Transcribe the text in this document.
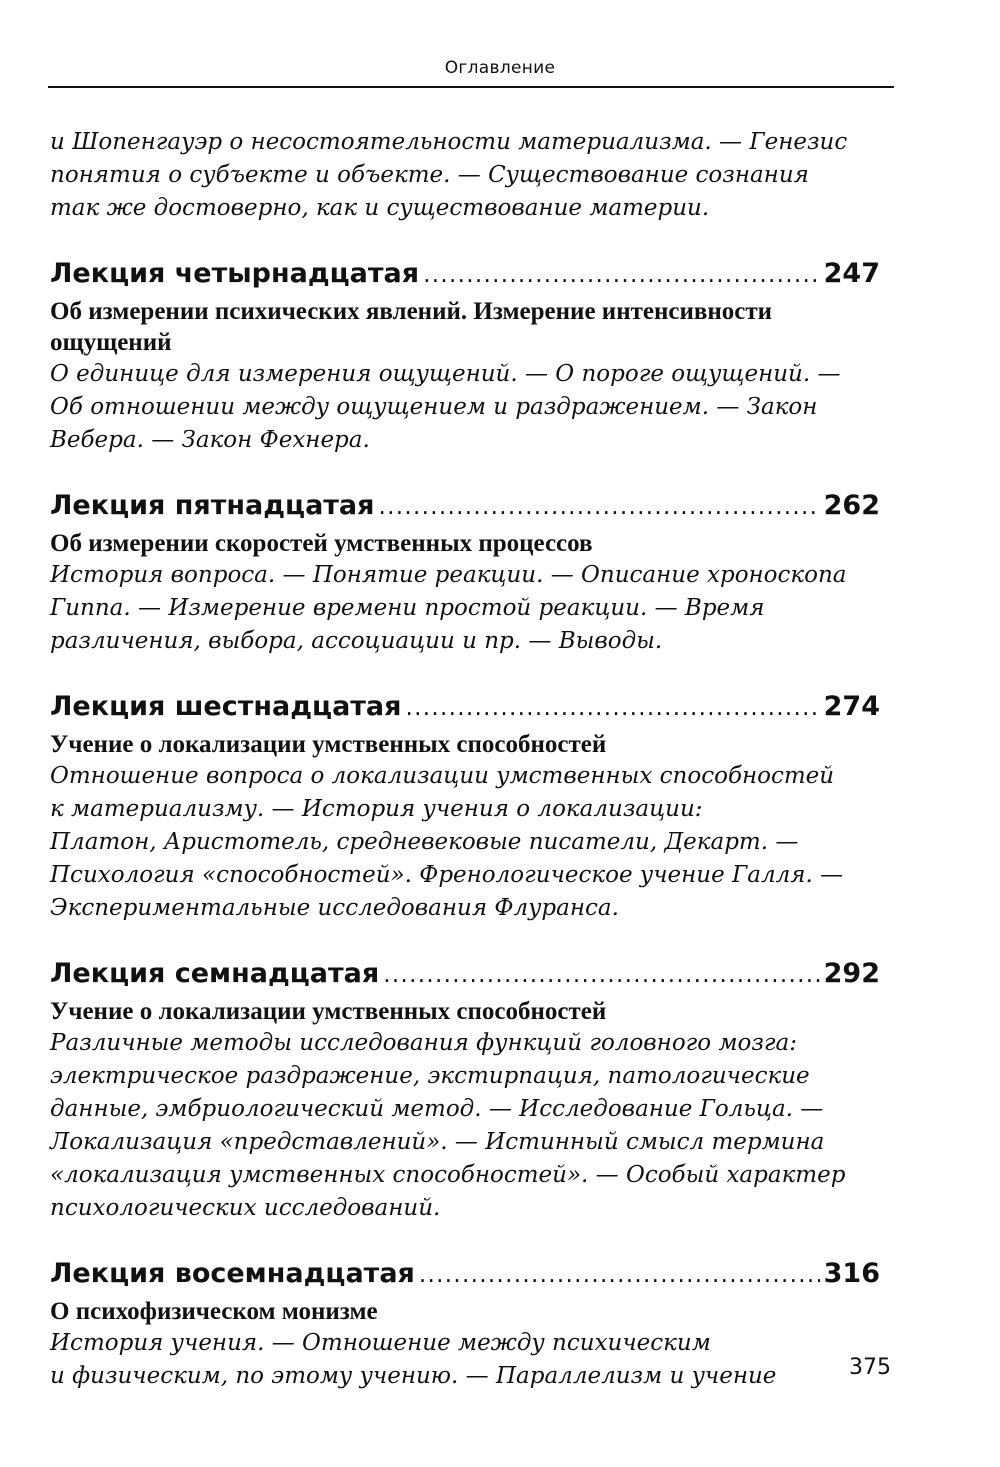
Оглавление

и Шопенгауэр о несостоятельности материализма. — Генезис

понятия о субъекте и объекте. — Существование сознания

так же достоверно, как и существование материи.

Лекция четырнадцатая . . .	247

Об измерении психических явлений. Измерение интенсивности ощущений

О единице для измерения ощущений. — О пороге ощущений. —

Об отношении между ощущением и раздражением. — Закон

Вебера. — Закон Фехнера.

Лекция пятнадцатая . . .	262

Об измерении скоростей умственных процессов

История вопроса. — Понятие реакции. — Описание хроноскопа

Гиппа. — Измерение времени простой реакции. — Время

различения, выбора, ассоциации и пр. — Выводы.

Лекция шестнадцатая . . .	274

Учение о локализации умственных способностей

Отношение вопроса о локализации умственных способностей

к материализму. — История учения о локализации:

Платон, Аристотель, средневековые писатели, Декарт. —

Психология «способностей». Френологическое учение Галля. —

Экспериментальные исследования Флуранса.

Лекция семнадцатая . . .	292

Учение о локализации умственных способностей

Различные методы исследования функций головного мозга:

электрическое раздражение, экстирпация, патологические

данные, эмбриологический метод. — Исследование Гольца. —

Локализация «представлений». — Истинный смысл термина

«локализация умственных способностей». — Особый характер

психологических исследований.

Лекция восемнадцатая . . .	316

О психофизическом монизме

История учения. — Отношение между психическим

и физическим, по этому учению. — Параллелизм и учение	375
